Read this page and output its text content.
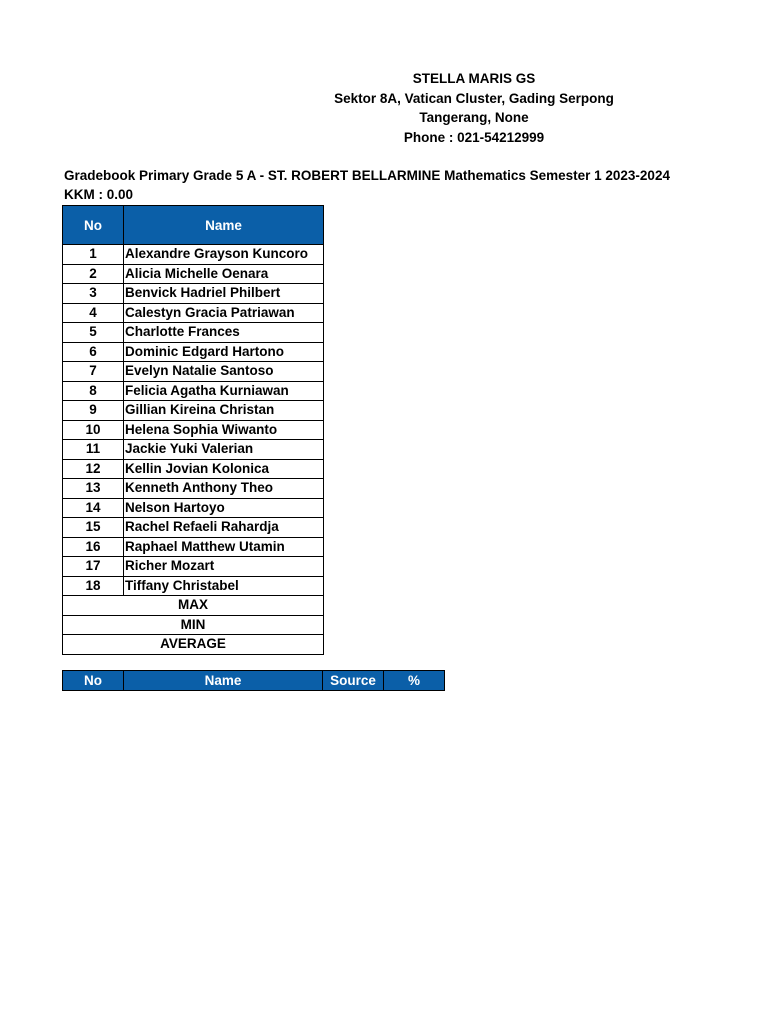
STELLA MARIS GS
Sektor 8A, Vatican Cluster, Gading Serpong
Tangerang, None
Phone : 021-54212999
Gradebook Primary Grade 5 A - ST. ROBERT BELLARMINE Mathematics Semester 1 2023-2024
KKM : 0.00
No	Name
1	Alexandre Grayson Kuncoro
2	Alicia Michelle Oenara
3	Benvick Hadriel Philbert
4	Calestyn Gracia Patriawan
5	Charlotte Frances
6	Dominic Edgard Hartono
7	Evelyn Natalie Santoso
8	Felicia Agatha Kurniawan
9	Gillian Kireina Christan
10	Helena Sophia Wiwanto
11	Jackie Yuki Valerian
12	Kellin Jovian Kolonica
13	Kenneth Anthony Theo
14	Nelson Hartoyo
15	Rachel Refaeli Rahardja
16	Raphael Matthew Utamin
17	Richer Mozart
18	Tiffany Christabel
MAX	
MIN	
AVERAGE	
No	Name	Source	%
